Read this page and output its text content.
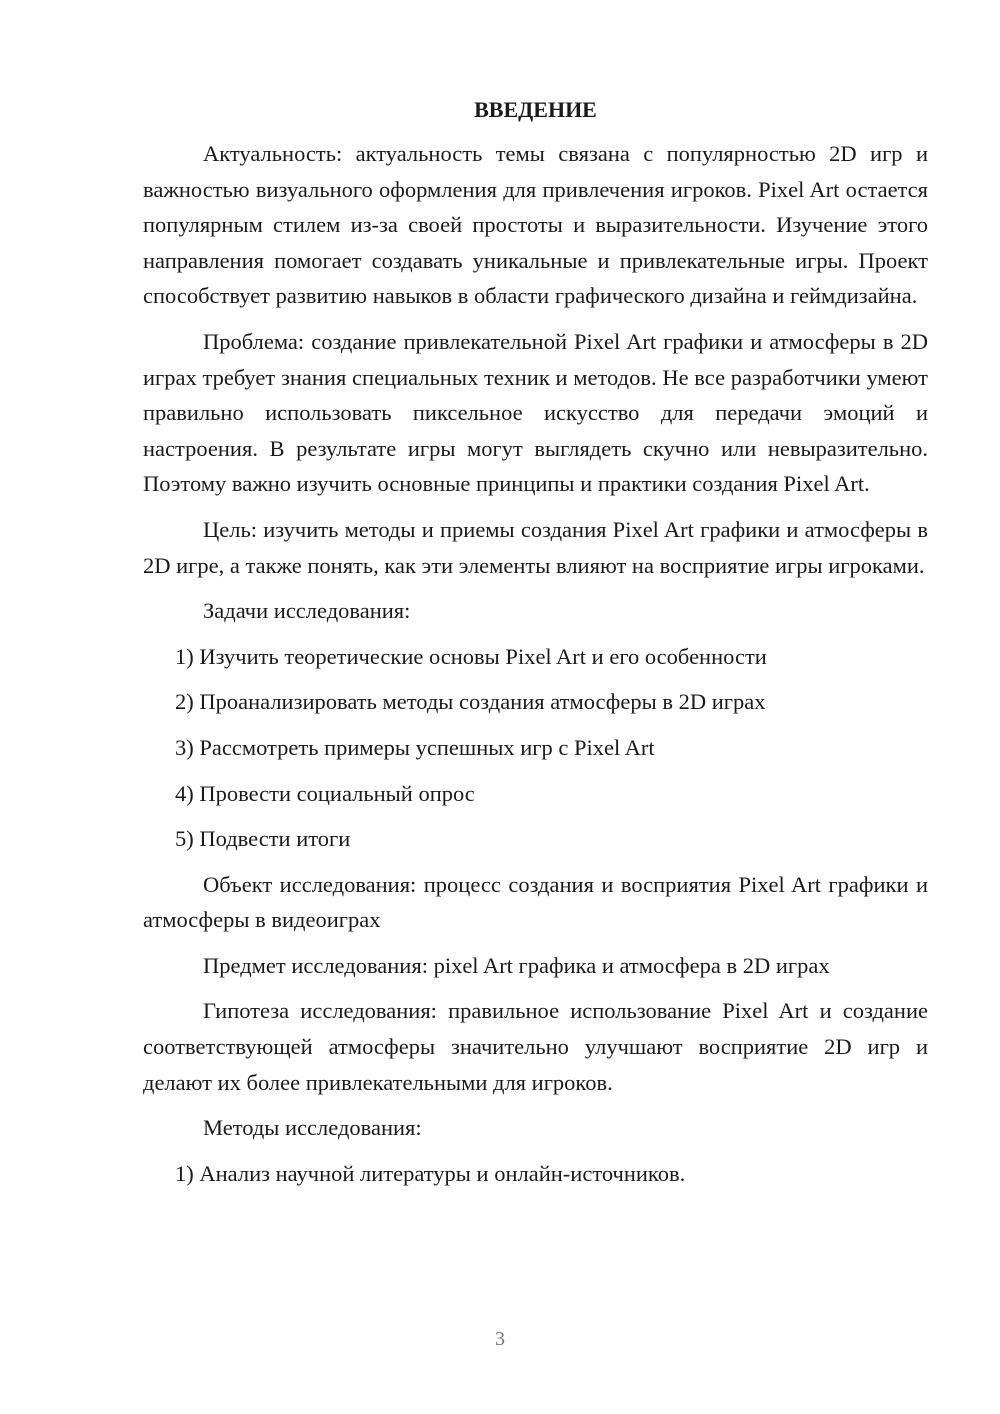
ВВЕДЕНИЕ

Актуальность: актуальность темы связана с популярностью 2D игр и важностью визуального оформления для привлечения игроков. Pixel Art остается популярным стилем из-за своей простоты и выразительности. Изучение этого направления помогает создавать уникальные и привлекательные игры. Проект способствует развитию навыков в области графического дизайна и геймдизайна.

Проблема: создание привлекательной Pixel Art графики и атмосферы в 2D играх требует знания специальных техник и методов. Не все разработчики умеют правильно использовать пиксельное искусство для передачи эмоций и настроения. В результате игры могут выглядеть скучно или невыразительно. Поэтому важно изучить основные принципы и практики создания Pixel Art.

Цель: изучить методы и приемы создания Pixel Art графики и атмосферы в 2D игре, а также понять, как эти элементы влияют на восприятие игры игроками.

Задачи исследования:

1) Изучить теоретические основы Pixel Art и его особенности
2) Проанализировать методы создания атмосферы в 2D играх
3) Рассмотреть примеры успешных игр с Pixel Art
4) Провести социальный опрос
5) Подвести итоги

Объект исследования: процесс создания и восприятия Pixel Art графики и атмосферы в видеоиграх

Предмет исследования: pixel Art графика и атмосфера в 2D играх

Гипотеза исследования: правильное использование Pixel Art и создание соответствующей атмосферы значительно улучшают восприятие 2D игр и делают их более привлекательными для игроков.

Методы исследования:

1) Анализ научной литературы и онлайн-источников.
3
